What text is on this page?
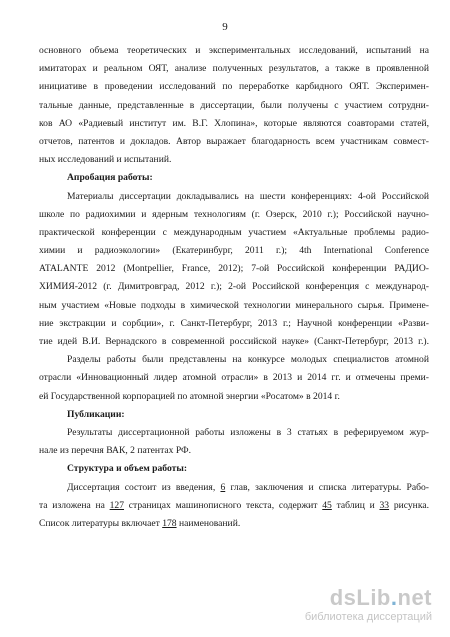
9
основного объема теоретических и экспериментальных исследований, испытаний на
имитаторах и реальном ОЯТ, анализе полученных результатов, а также в проявленной
инициативе в проведении исследований по переработке карбидного ОЯТ. Эксперимен-
тальные данные, представленные в диссертации, были получены с участием сотрудни-
ков АО «Радиевый институт им. В.Г. Хлопина», которые являются соавторами статей,
отчетов, патентов и докладов. Автор выражает благодарность всем участникам совмест-
ных исследований и испытаний.
Апробация работы:
Материалы диссертации докладывались на шести конференциях: 4-ой Российской
школе по радиохимии и ядерным технологиям (г. Озерск, 2010 г.); Российской научно-
практической конференции с международным участием «Актуальные проблемы радио-
химии и радиоэкологии» (Екатеринбург, 2011 г.); 4th International Conference
ATALANTE 2012 (Montpellier, France, 2012); 7-ой Российской конференции РАДИО-
ХИМИЯ-2012 (г. Димитровград, 2012 г.); 2-ой Российской конференция с международ-
ным участием «Новые подходы в химической технологии минерального сырья. Примене-
ние экстракции и сорбции», г. Санкт-Петербург, 2013 г.; Научной конференции «Разви-
тие идей В.И. Вернадского в современной российской науке» (Санкт-Петербург, 2013 г.).
Разделы работы были представлены на конкурсе молодых специалистов атомной
отрасли «Инновационный лидер атомной отрасли» в 2013 и 2014 гг. и отмечены преми-
ей Государственной корпорацией по атомной энергии «Росатом» в 2014 г.
Публикации:
Результаты диссертационной работы изложены в 3 статьях в реферируемом жур-
нале из перечня ВАК, 2 патентах РФ.
Структура и объем работы:
Диссертация состоит из введения, 6 глав, заключения и списка литературы. Рабо-
та изложена на 127 страницах машинописного текста, содержит 45 таблиц и 33 рисунка.
Список литературы включает 178 наименований.
dsLib.net
библиотека диссертаций
